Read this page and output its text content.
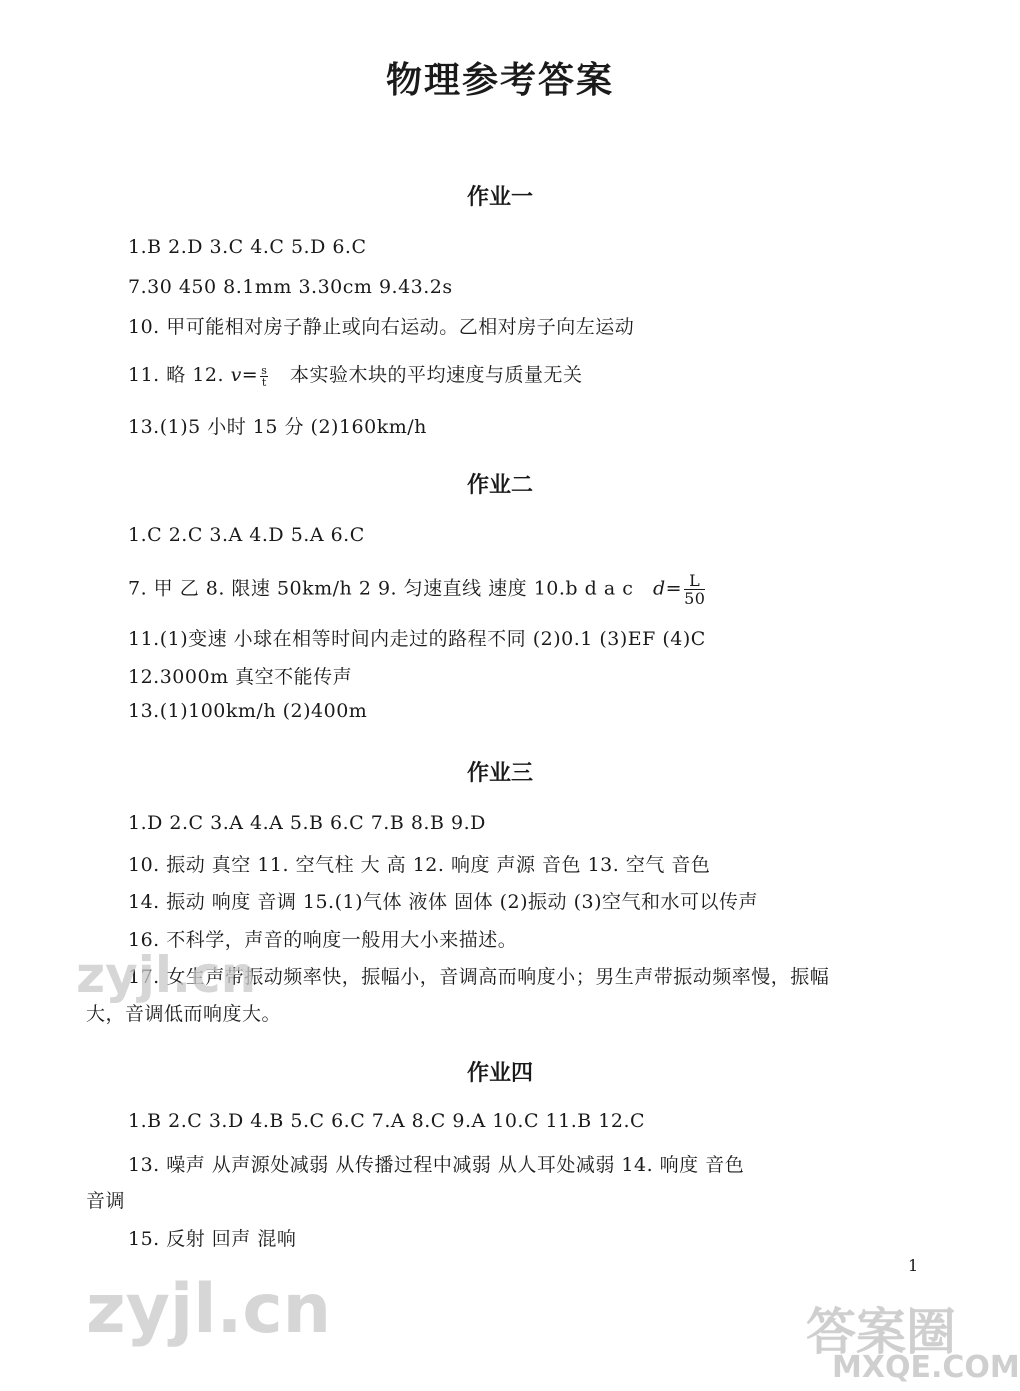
物理参考答案
作业一
1.B 2.D 3.C 4.C 5.D 6.C
7.30 450 8.1mm 3.30cm 9.43.2s
10. 甲可能相对房子静止或向右运动。乙相对房子向左运动
11. 略 12. $v= \frac{s}{t}$ 本实验木块的平均速度与质量无关
13.(1)5 小时 15 分 (2)160km/h
作业二
1.C 2.C 3.A 4.D 5.A 6.C
7. 甲 乙 8. 限速 50km/h 2 9. 匀速直线 速度 10.b d a c $d= \frac{L}{50}$
11.(1)变速 小球在相等时间内走过的路程不同 (2)0.1 (3)EF (4)C
12.3000m 真空不能传声
13.(1)100km/h (2)400m
作业三
1.D 2.C 3.A 4.A 5.B 6.C 7.B 8.B 9.D
10. 振动 真空 11. 空气柱 大 高 12. 响度 声源 音色 13. 空气 音色
14. 振动 响度 音调 15.(1)气体 液体 固体 (2)振动 (3)空气和水可以传声
16. 不科学，声音的响度一般用大小来描述。
17. 女生声带振动频率快，振幅小，音调高而响度小；男生声带振动频率慢，振幅
大，音调低而响度大。
作业四
1.B 2.C 3.D 4.B 5.C 6.C 7.A 8.C 9.A 10.C 11.B 12.C
13. 噪声 从声源处减弱 从传播过程中减弱 从人耳处减弱 14. 响度 音色
音调
15. 反射 回声 混响
1
zyjl.cn
zyjl.cn	答案圈
MXQE.COM
